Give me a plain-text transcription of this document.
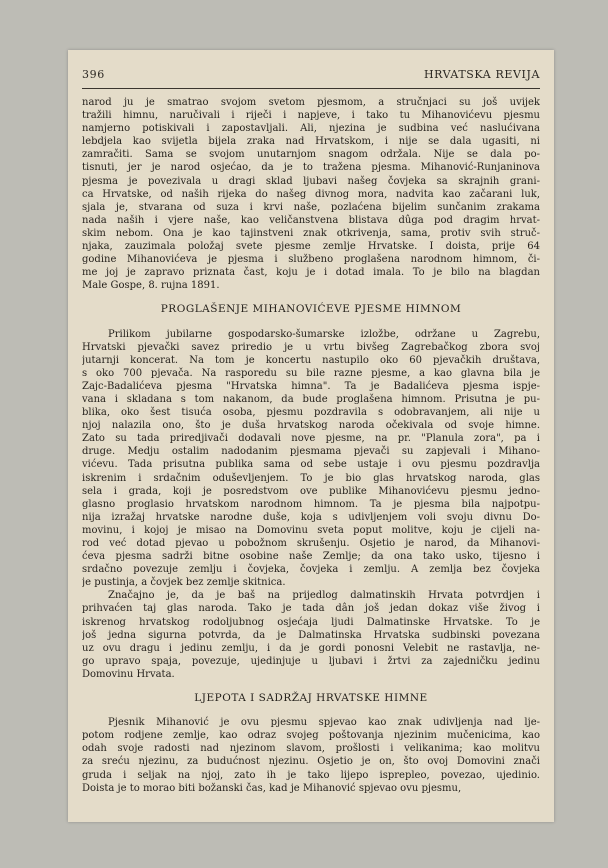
396	HRVATSKA REVIJA
narod ju je smatrao svojom svetom pjesmom, a stručnjaci su još uvijek
tražili himnu, naručivali i riječi i napjeve, i tako tu Mihanovićevu pjesmu
namjerno potiskivali i zapostavljali. Ali, njezina je sudbina već naslućivana
lebdjela kao svijetla bijela zraka nad Hrvatskom, i nije se dala ugasiti, ni
zamračiti. Sama se svojom unutarnjom snagom održala. Nije se dala po-
tisnuti, jer je narod osjećao, da je to tražena pjesma. Mihanović-Runjaninova
pjesma je povezivala u dragi sklad ljubavi našeg čovjeka sa skrajnih grani-
ca Hrvatske, od naših rijeka do našeg divnog mora, nadvita kao začarani luk,
sjala je, stvarana od suza i krvi naše, pozlaćena bijelim sunčanim zrakama
nada naših i vjere naše, kao veličanstvena blistava dûga pod dragim hrvat-
skim nebom. Ona je kao tajinstveni znak otkrivenja, sama, protiv svih struč-
njaka, zauzimala položaj svete pjesme zemlje Hrvatske. I doista, prije 64
godine Mihanovićeva je pjesma i službeno proglašena narodnom himnom, či-
me joj je zapravo priznata čast, koju je i dotad imala. To je bilo na blagdan
Male Gospe, 8. rujna 1891.
PROGLAŠENJE MIHANOVIĆEVE PJESME HIMNOM
Prilikom jubilarne gospodarsko-šumarske izložbe, održane u Zagrebu,
Hrvatski pjevački savez priredio je u vrtu bivšeg Zagrebačkog zbora svoj
jutarnji koncerat. Na tom je koncertu nastupilo oko 60 pjevačkih društava,
s oko 700 pjevača. Na rasporedu su bile razne pjesme, a kao glavna bila je
Zajc-Badalićeva pjesma "Hrvatska himna". Ta je Badalićeva pjesma ispje-
vana i skladana s tom nakanom, da bude proglašena himnom. Prisutna je pu-
blika, oko šest tisuća osoba, pjesmu pozdravila s odobravanjem, ali nije u
njoj nalazila ono, što je duša hrvatskog naroda očekivala od svoje himne.
Zato su tada priredjivači dodavali nove pjesme, na pr. "Planula zora", pa i
druge. Medju ostalim nadodanim pjesmama pjevači su zapjevali i Mihano-
vićevu. Tada prisutna publika sama od sebe ustaje i ovu pjesmu pozdravlja
iskrenim i srdačnim oduševljenjem. To je bio glas hrvatskog naroda, glas
sela i grada, koji je posredstvom ove publike Mihanovićevu pjesmu jedno-
glasno proglasio hrvatskom narodnom himnom. Ta je pjesma bila najpotpu-
nija izražaj hrvatske narodne duše, koja s udivljenjem voli svoju divnu Do-
movinu, i kojoj je misao na Domovinu sveta poput molitve, koju je cijeli na-
rod već dotad pjevao u pobožnom skrušenju. Osjetio je narod, da Mihanovi-
ćeva pjesma sadrži bitne osobine naše Zemlje; da ona tako usko, tijesno i
srdačno povezuje zemlju i čovjeka, čovjeka i zemlju. A zemlja bez čovjeka
je pustinja, a čovjek bez zemlje skitnica.
Značajno je, da je baš na prijedlog dalmatinskih Hrvata potvrdjen i
prihvaćen taj glas naroda. Tako je tada dân još jedan dokaz više živog i
iskrenog hrvatskog rodoljubnog osjećaja ljudi Dalmatinske Hrvatske. To je
još jedna sigurna potvrda, da je Dalmatinska Hrvatska sudbinski povezana
uz ovu dragu i jedinu zemlju, i da je gordi ponosni Velebit ne rastavlja, ne-
go upravo spaja, povezuje, ujedinjuje u ljubavi i žrtvi za zajedničku jedinu
Domovinu Hrvata.
LJEPOTA I SADRŽAJ HRVATSKE HIMNE
Pjesnik Mihanović je ovu pjesmu spjevao kao znak udivljenja nad lje-
potom rodjene zemlje, kao odraz svojeg poštovanja njezinim mučenicima, kao
odah svoje radosti nad njezinom slavom, prošlosti i velikanima; kao molitvu
za sreću njezinu, za budućnost njezinu. Osjetio je on, što ovoj Domovini znači
gruda i seljak na njoj, zato ih je tako lijepo isprepleo, povezao, ujedinio.
Doista je to morao biti božanski čas, kad je Mihanović spjevao ovu pjesmu,
